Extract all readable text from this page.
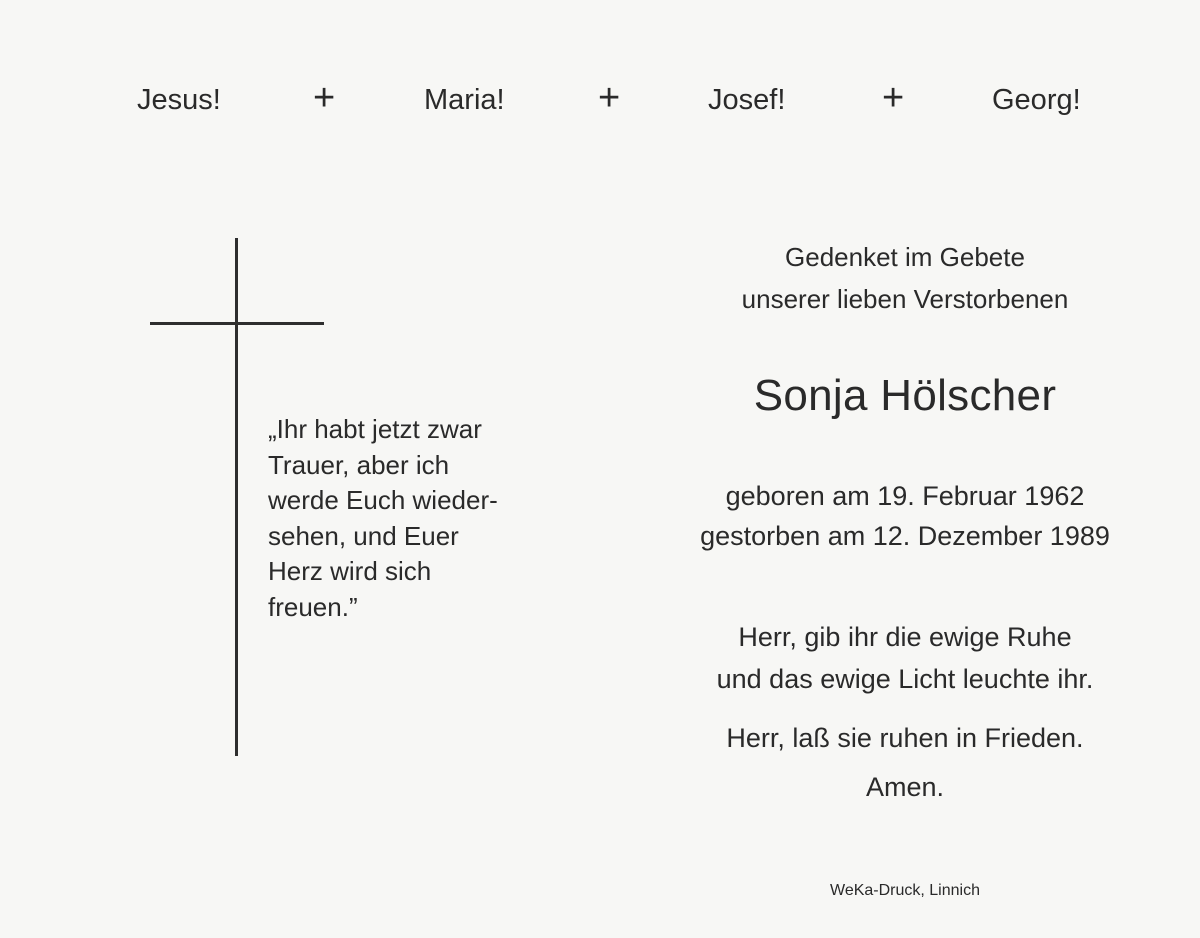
Jesus! +	Maria! +	Josef!	+	Georg!
„Ihr habt jetzt zwar
Trauer, aber ich
werde Euch wieder-
sehen, und Euer
Herz wird sich
freuen.”
Gedenket im Gebete
unserer lieben Verstorbenen
Sonja Hölscher
geboren am 19. Februar 1962
gestorben am 12. Dezember 1989
Herr, gib ihr die ewige Ruhe
und das ewige Licht leuchte ihr.
Herr, laß sie ruhen in Frieden.
Amen.
WeKa-Druck, Linnich
